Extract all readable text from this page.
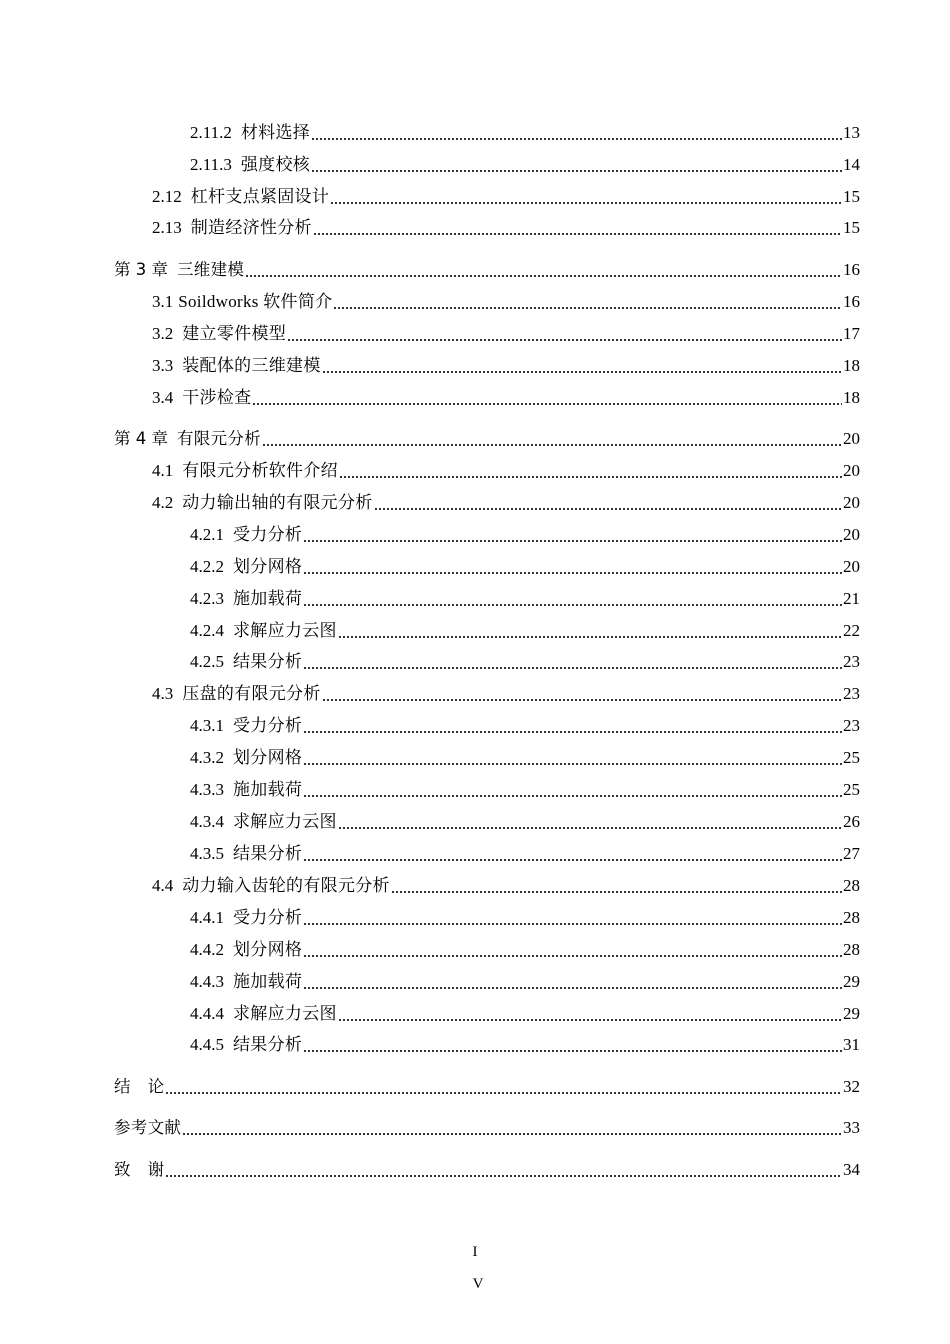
2.11.2 材料选择	13
2.11.3 强度校核	14
2.12 杠杆支点紧固设计	15
2.13 制造经济性分析	15
第 3 章 三维建模	16
3.1 Soildworks 软件简介	16
3.2 建立零件模型	17
3.3 装配体的三维建模	18
3.4 干涉检查	18
第 4 章 有限元分析	20
4.1 有限元分析软件介绍	20
4.2 动力输出轴的有限元分析	20
4.2.1 受力分析	20
4.2.2 划分网格	20
4.2.3 施加载荷	21
4.2.4 求解应力云图	22
4.2.5 结果分析	23
4.3 压盘的有限元分析	23
4.3.1 受力分析	23
4.3.2 划分网格	25
4.3.3 施加载荷	25
4.3.4 求解应力云图	26
4.3.5 结果分析	27
4.4 动力输入齿轮的有限元分析	28
4.4.1 受力分析	28
4.4.2 划分网格	28
4.4.3 施加载荷	29
4.4.4 求解应力云图	29
4.4.5 结果分析	31
结　论	32
参考文献	33
致　谢	34
I
V
